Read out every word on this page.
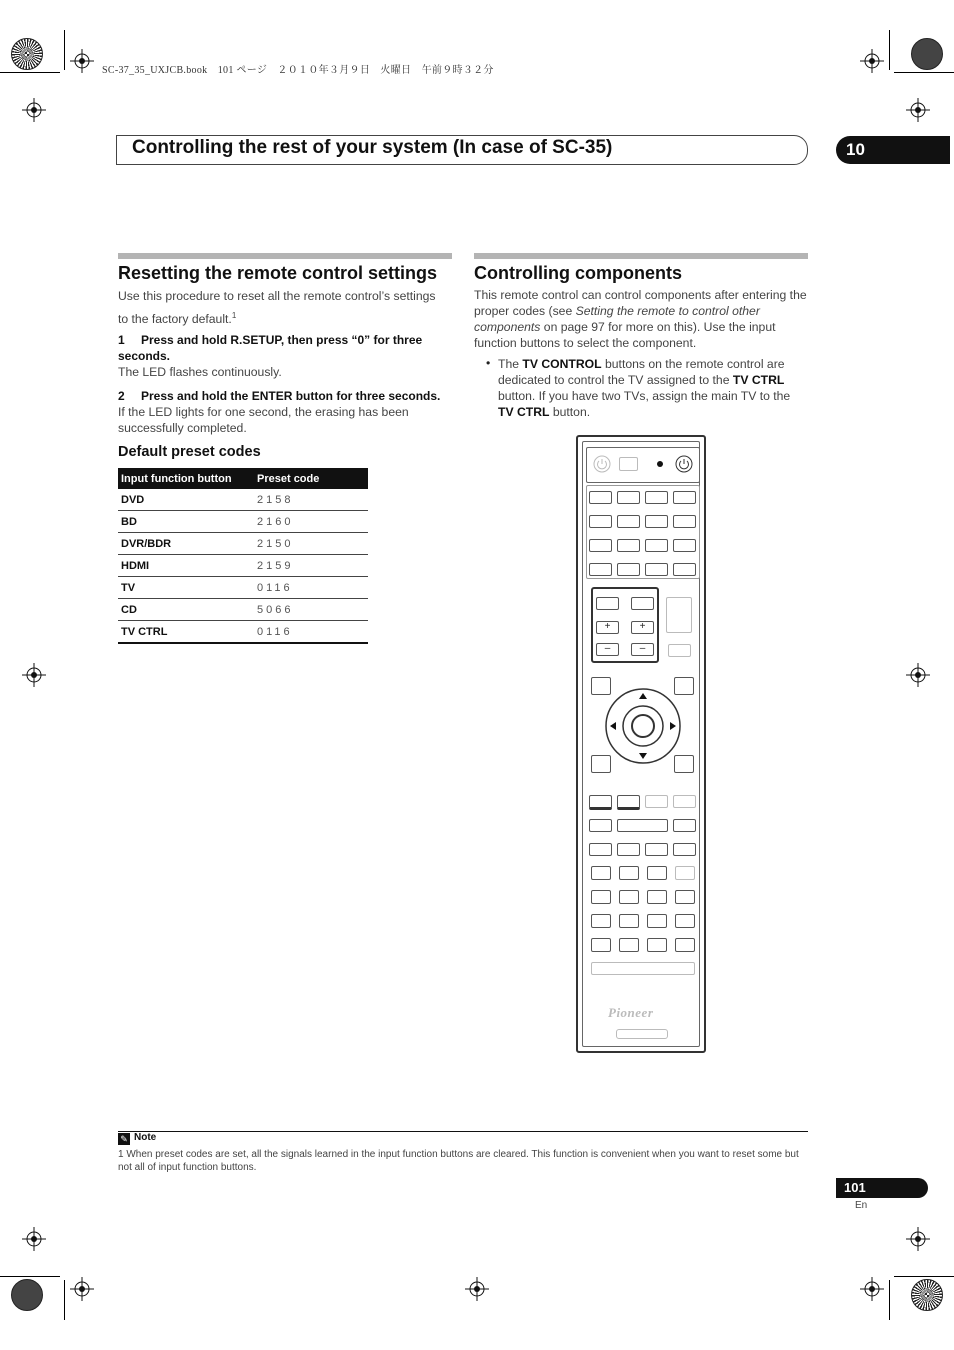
SC-37_35_UXJCB.book　101 ページ　２０１０年３月９日　火曜日　午前９時３２分
Controlling the rest of your system (In case of SC-35)	10
Resetting the remote control settings
Use this procedure to reset all the remote control’s settings to the factory default.$^1$
1 Press and hold R.SETUP, then press “0” for three seconds.
The LED flashes continuously.
2 Press and hold the ENTER button for three seconds.
If the LED lights for one second, the erasing has been successfully completed.
Default preset codes
Input function button	Preset code
DVD	2158
BD	2160
DVR/BDR	2150
HDMI	2159
TV	0116
CD	5066
TV CTRL	0116
Controlling components
This remote control can control components after entering the proper codes (see Setting the remote to control other components on page 97 for more on this). Use the input function buttons to select the component.
• The TV CONTROL buttons on the remote control are dedicated to control the TV assigned to the TV CTRL button. If you have two TVs, assign the main TV to the TV CTRL button.
+	+
–	–
Pioneer
✎ Note
1 When preset codes are set, all the signals learned in the input function buttons are cleared. This function is convenient when you want to reset some but not all of input function buttons.
101
En
